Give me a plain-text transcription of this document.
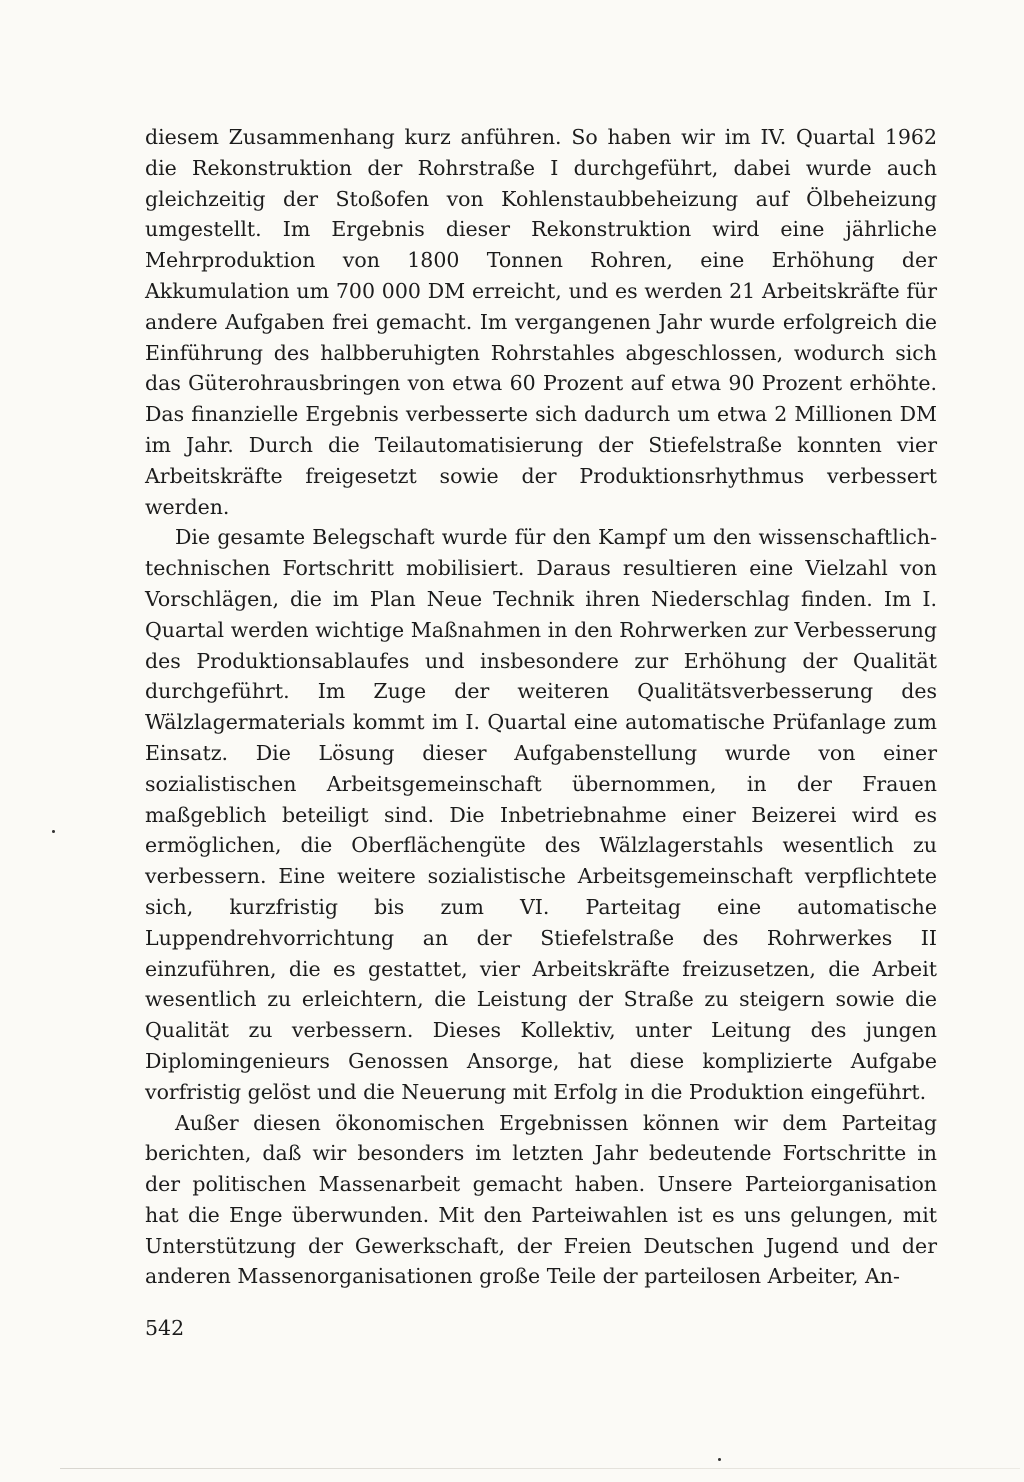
diesem Zusammenhang kurz anführen. So haben wir im IV. Quartal 1962 die Rekonstruktion der Rohrstraße I durchgeführt, dabei wurde auch gleichzeitig der Stoßofen von Kohlenstaubbeheizung auf Ölbeheizung umgestellt. Im Ergebnis dieser Rekonstruktion wird eine jährliche Mehrproduktion von 1800 Tonnen Rohren, eine Erhöhung der Akkumulation um 700 000 DM erreicht, und es werden 21 Arbeitskräfte für andere Aufgaben frei gemacht. Im vergangenen Jahr wurde erfolgreich die Einführung des halbberuhigten Rohrstahles abgeschlossen, wodurch sich das Güterohrausbringen von etwa 60 Prozent auf etwa 90 Prozent erhöhte. Das finanzielle Ergebnis verbesserte sich dadurch um etwa 2 Millionen DM im Jahr. Durch die Teilautomatisierung der Stiefelstraße konnten vier Arbeitskräfte freigesetzt sowie der Produktionsrhythmus verbessert werden.

Die gesamte Belegschaft wurde für den Kampf um den wissenschaftlich- technischen Fortschritt mobilisiert. Daraus resultieren eine Vielzahl von Vorschlägen, die im Plan Neue Technik ihren Niederschlag finden. Im I. Quartal werden wichtige Maßnahmen in den Rohrwerken zur Verbesserung des Produktionsablaufes und insbesondere zur Erhöhung der Qualität durchgeführt. Im Zuge der weiteren Qualitätsverbesserung des Wälzlagermaterials kommt im I. Quartal eine automatische Prüfanlage zum Einsatz. Die Lösung dieser Aufgabenstellung wurde von einer sozialistischen Arbeitsgemeinschaft übernommen, in der Frauen maßgeblich beteiligt sind. Die Inbetriebnahme einer Beizerei wird es ermöglichen, die Oberflächengüte des Wälzlagerstahls wesentlich zu verbessern. Eine weitere sozialistische Arbeitsgemeinschaft verpflichtete sich, kurzfristig bis zum VI. Parteitag eine automatische Luppendrehvorrichtung an der Stiefelstraße des Rohrwerkes II einzuführen, die es gestattet, vier Arbeitskräfte freizusetzen, die Arbeit wesentlich zu erleichtern, die Leistung der Straße zu steigern sowie die Qualität zu verbessern. Dieses Kollektiv, unter Leitung des jungen Diplomingenieurs Genossen Ansorge, hat diese komplizierte Aufgabe vorfristig gelöst und die Neuerung mit Erfolg in die Produktion eingeführt.

Außer diesen ökonomischen Ergebnissen können wir dem Parteitag berichten, daß wir besonders im letzten Jahr bedeutende Fortschritte in der politischen Massenarbeit gemacht haben. Unsere Parteiorganisation hat die Enge überwunden. Mit den Parteiwahlen ist es uns gelungen, mit Unterstützung der Gewerkschaft, der Freien Deutschen Jugend und der anderen Massenorganisationen große Teile der parteilosen Arbeiter, An-

542
